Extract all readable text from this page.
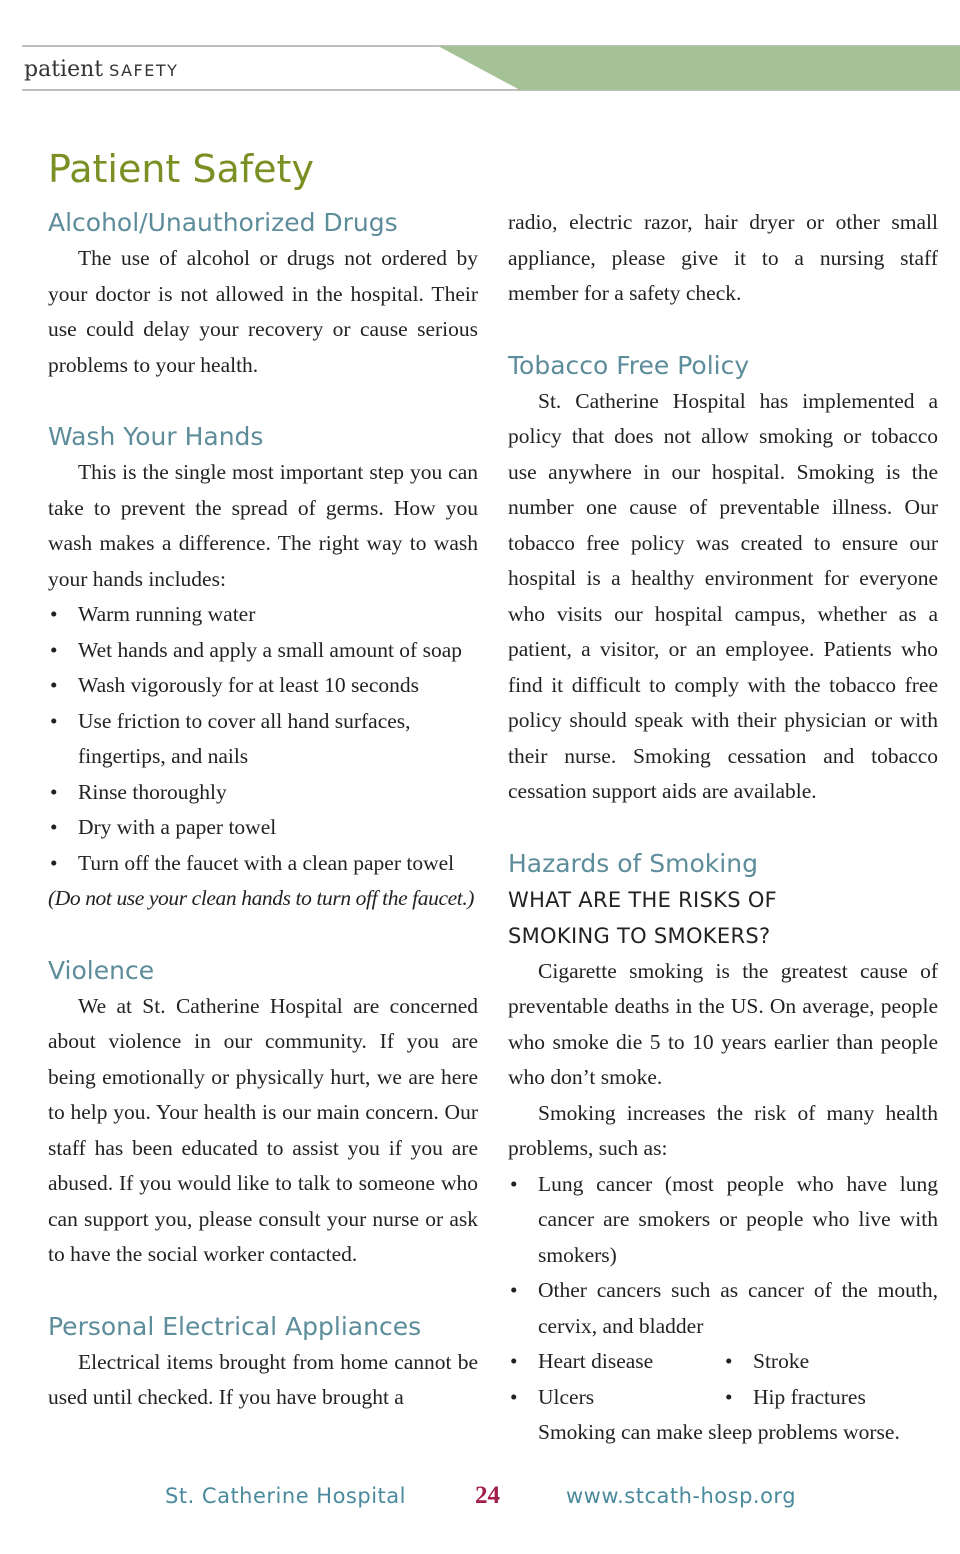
patient SAFETY
Patient Safety
Alcohol/Unauthorized Drugs

The use of alcohol or drugs not ordered by your doctor is not allowed in the hospital. Their use could delay your recovery or cause serious problems to your health.

Wash Your Hands

This is the single most important step you can take to prevent the spread of germs. How you wash makes a difference. The right way to wash your hands includes:

• Warm running water
• Wet hands and apply a small amount of soap
• Wash vigorously for at least 10 seconds
• Use friction to cover all hand surfaces, fingertips, and nails
• Rinse thoroughly
• Dry with a paper towel
• Turn off the faucet with a clean paper towel

(Do not use your clean hands to turn off the faucet.)

Violence

We at St. Catherine Hospital are concerned about violence in our community. If you are being emotionally or physically hurt, we are here to help you. Your health is our main concern. Our staff has been educated to assist you if you are abused. If you would like to talk to someone who can support you, please consult your nurse or ask to have the social worker contacted.

Personal Electrical Appliances

Electrical items brought from home cannot be used until checked. If you have brought a

radio, electric razor, hair dryer or other small appliance, please give it to a nursing staff member for a safety check.

Tobacco Free Policy

St. Catherine Hospital has implemented a policy that does not allow smoking or tobacco use anywhere in our hospital. Smoking is the number one cause of preventable illness. Our tobacco free policy was created to ensure our hospital is a healthy environment for everyone who visits our hospital campus, whether as a patient, a visitor, or an employee. Patients who find it difficult to comply with the tobacco free policy should speak with their physician or with their nurse. Smoking cessation and tobacco cessation support aids are available.

Hazards of Smoking
WHAT ARE THE RISKS OF
SMOKING TO SMOKERS?

Cigarette smoking is the greatest cause of preventable deaths in the US. On average, people who smoke die 5 to 10 years earlier than people who don’t smoke.

Smoking increases the risk of many health problems, such as:

• Lung cancer (most people who have lung cancer are smokers or people who live with smokers)
• Other cancers such as cancer of the mouth, cervix, and bladder
• Heart disease	• Stroke
• Ulcers	• Hip fractures

Smoking can make sleep problems worse.

St. Catherine Hospital	24	www.stcath-hosp.org
